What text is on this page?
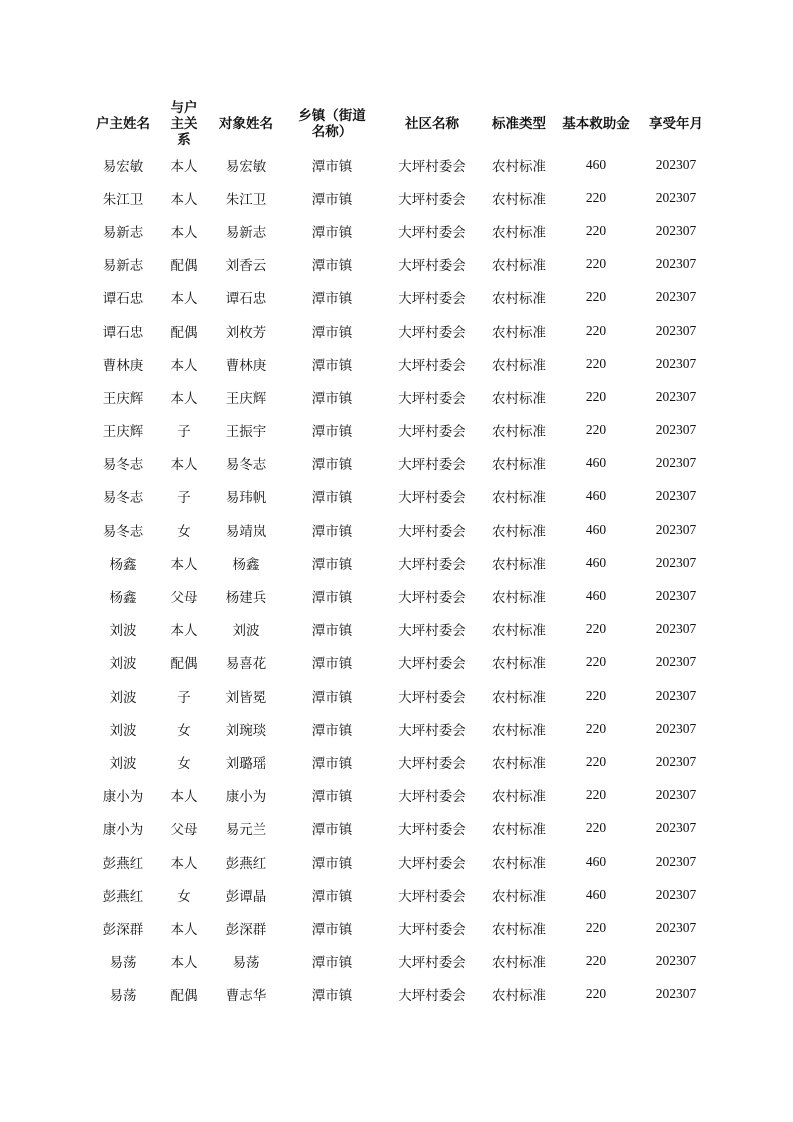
户主姓名	与户主关系	对象姓名	乡镇（街道名称）	社区名称	标准类型	基本救助金	享受年月
易宏敏	本人	易宏敏	潭市镇	大坪村委会	农村标准	460	202307
朱江卫	本人	朱江卫	潭市镇	大坪村委会	农村标准	220	202307
易新志	本人	易新志	潭市镇	大坪村委会	农村标准	220	202307
易新志	配偶	刘香云	潭市镇	大坪村委会	农村标准	220	202307
谭石忠	本人	谭石忠	潭市镇	大坪村委会	农村标准	220	202307
谭石忠	配偶	刘枚芳	潭市镇	大坪村委会	农村标准	220	202307
曹林庚	本人	曹林庚	潭市镇	大坪村委会	农村标准	220	202307
王庆辉	本人	王庆辉	潭市镇	大坪村委会	农村标准	220	202307
王庆辉	子	王振宇	潭市镇	大坪村委会	农村标准	220	202307
易冬志	本人	易冬志	潭市镇	大坪村委会	农村标准	460	202307
易冬志	子	易玮帆	潭市镇	大坪村委会	农村标准	460	202307
易冬志	女	易靖岚	潭市镇	大坪村委会	农村标准	460	202307
杨鑫	本人	杨鑫	潭市镇	大坪村委会	农村标准	460	202307
杨鑫	父母	杨建兵	潭市镇	大坪村委会	农村标准	460	202307
刘波	本人	刘波	潭市镇	大坪村委会	农村标准	220	202307
刘波	配偶	易喜花	潭市镇	大坪村委会	农村标准	220	202307
刘波	子	刘皆冕	潭市镇	大坪村委会	农村标准	220	202307
刘波	女	刘琬琰	潭市镇	大坪村委会	农村标准	220	202307
刘波	女	刘璐瑶	潭市镇	大坪村委会	农村标准	220	202307
康小为	本人	康小为	潭市镇	大坪村委会	农村标准	220	202307
康小为	父母	易元兰	潭市镇	大坪村委会	农村标准	220	202307
彭燕红	本人	彭燕红	潭市镇	大坪村委会	农村标准	460	202307
彭燕红	女	彭谭晶	潭市镇	大坪村委会	农村标准	460	202307
彭深群	本人	彭深群	潭市镇	大坪村委会	农村标准	220	202307
易荡	本人	易荡	潭市镇	大坪村委会	农村标准	220	202307
易荡	配偶	曹志华	潭市镇	大坪村委会	农村标准	220	202307
